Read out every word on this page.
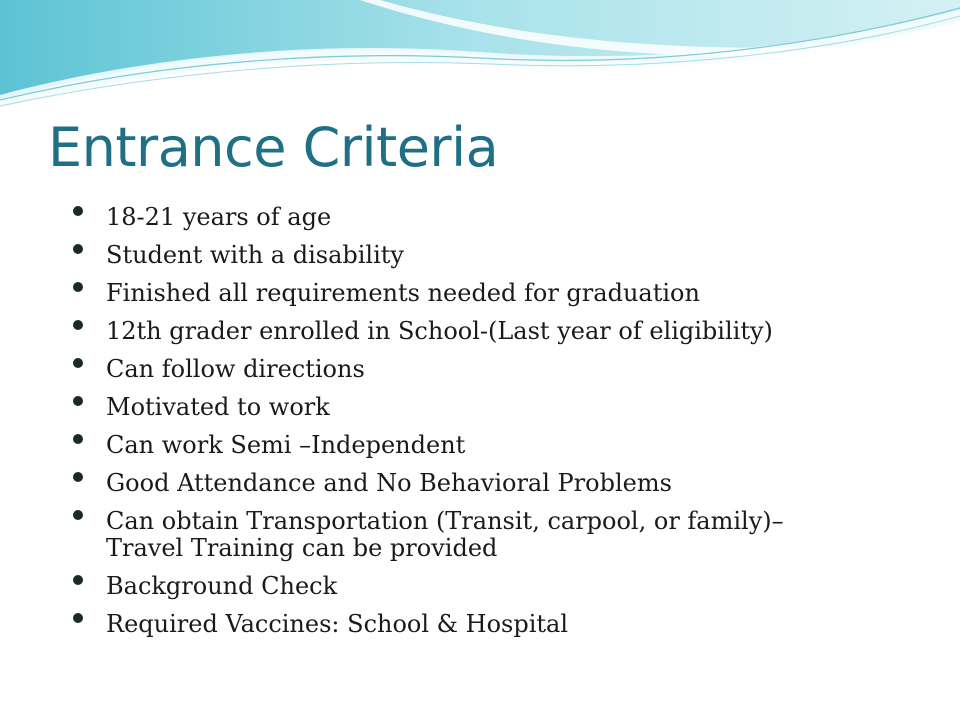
Entrance Criteria
18-21 years of age
Student with a disability
Finished all requirements needed for graduation
12th grader enrolled in School-(Last year of eligibility)
Can follow directions
Motivated to work
Can work Semi –Independent
Good Attendance and No Behavioral Problems
Can obtain Transportation (Transit, carpool, or family)–
Travel Training can be provided
Background Check
Required Vaccines: School & Hospital
